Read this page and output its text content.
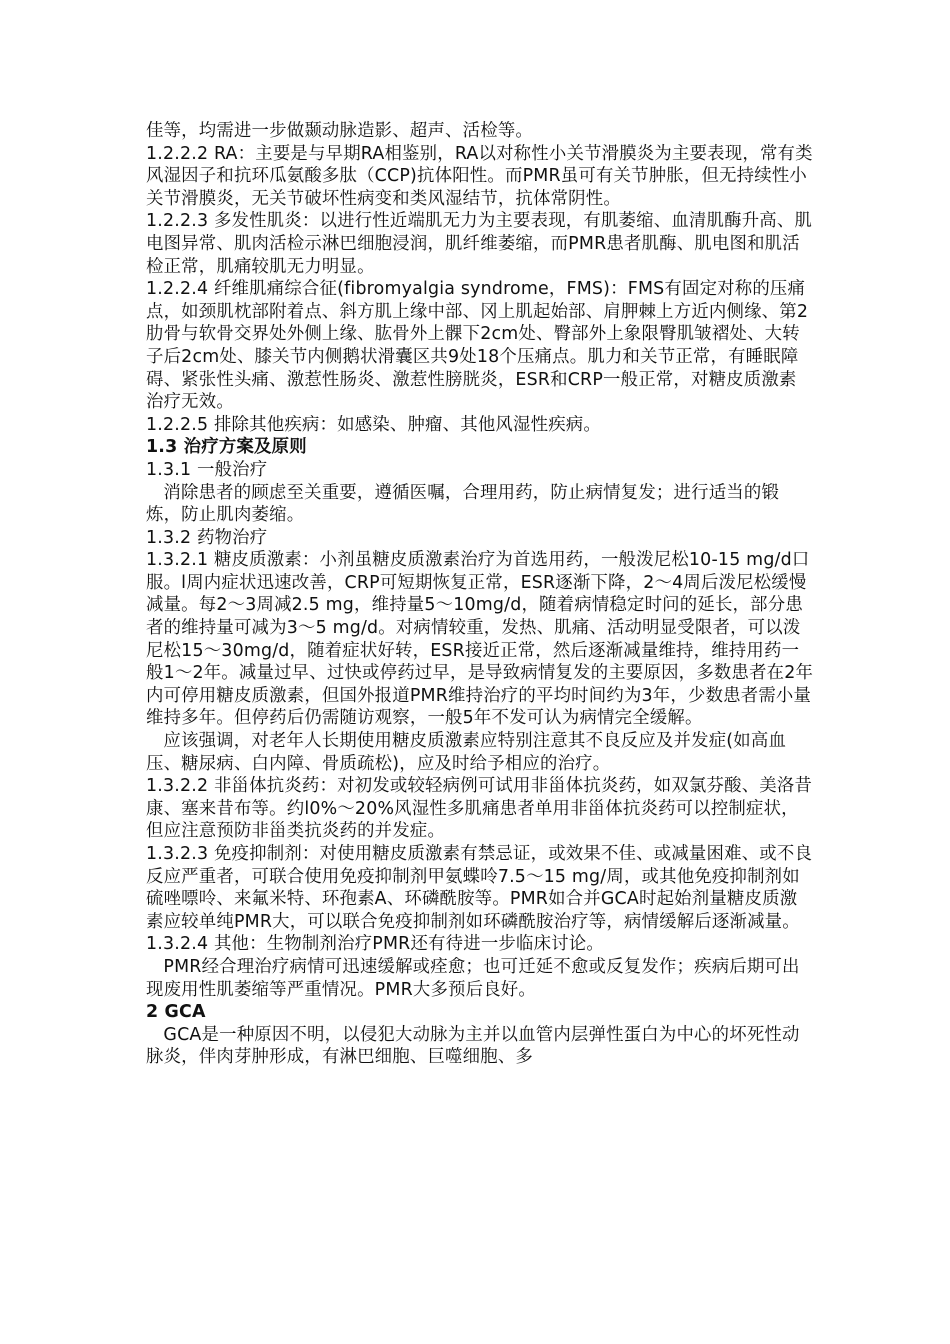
佳等，均需进一步做颞动脉造影、超声、活检等。

1.2.2.2 RA：主要是与早期RA相鉴别，RA以对称性小关节滑膜炎为主要表现，常有类风湿因子和抗环瓜氨酸多肽（CCP)抗体阳性。而PMR虽可有关节肿胀，但无持续性小关节滑膜炎，无关节破坏性病变和类风湿结节，抗体常阴性。

1.2.2.3 多发性肌炎：以进行性近端肌无力为主要表现，有肌萎缩、血清肌酶升高、肌电图异常、肌肉活检示淋巴细胞浸润，肌纤维萎缩，而PMR患者肌酶、肌电图和肌活检正常，肌痛较肌无力明显。

1.2.2.4 纤维肌痛综合征(fibromyalgia syndrome，FMS)：FMS有固定对称的压痛点，如颈肌枕部附着点、斜方肌上缘中部、冈上肌起始部、肩胛棘上方近内侧缘、第2肋骨与软骨交界处外侧上缘、肱骨外上髁下2cm处、臀部外上象限臀肌皱褶处、大转子后2cm处、膝关节内侧鹅状滑囊区共9处18个压痛点。肌力和关节正常，有睡眠障碍、紧张性头痛、激惹性肠炎、激惹性膀胱炎，ESR和CRP一般正常，对糖皮质激素治疗无效。

1.2.2.5 排除其他疾病：如感染、肿瘤、其他风湿性疾病。

1.3 治疗方案及原则

1.3.1 一般治疗

消除患者的顾虑至关重要，遵循医嘱，合理用药，防止病情复发；进行适当的锻炼，防止肌肉萎缩。

1.3.2 药物治疗

1.3.2.1 糖皮质激素：小剂虽糖皮质激素治疗为首选用药，一般泼尼松10-15 mg/d口服。l周内症状迅速改善，CRP可短期恢复正常，ESR逐渐下降，2～4周后泼尼松缓慢减量。每2～3周减2.5 mg，维持量5～10mg/d，随着病情稳定时问的延长，部分患者的维持量可减为3～5 mg/d。对病情较重，发热、肌痛、活动明显受限者，可以泼尼松15～30mg/d，随着症状好转，ESR接近正常，然后逐渐减量维持，维持用药一般1～2年。减量过早、过快或停药过早，是导致病情复发的主要原因，多数患者在2年内可停用糖皮质激素，但国外报道PMR维持治疗的平均时间约为3年，少数患者需小量维持多年。但停药后仍需随访观察，一般5年不发可认为病情完全缓解。

应该强调，对老年人长期使用糖皮质激素应特别注意其不良反应及并发症(如高血压、糖尿病、白内障、骨质疏松)，应及时给予相应的治疗。

1.3.2.2 非甾体抗炎药：对初发或较轻病例可试用非甾体抗炎药，如双氯芬酸、美洛昔康、塞来昔布等。约l0%～20%风湿性多肌痛患者单用非甾体抗炎药可以控制症状，但应注意预防非甾类抗炎药的并发症。

1.3.2.3 免疫抑制剂：对使用糖皮质激素有禁忌证，或效果不佳、或减量困难、或不良反应严重者，可联合使用免疫抑制剂甲氨蝶呤7.5～15 mg/周，或其他免疫抑制剂如硫唑嘌呤、来氟米特、环孢素A、环磷酰胺等。PMR如合并GCA时起始剂量糖皮质激素应较单纯PMR大，可以联合免疫抑制剂如环磷酰胺治疗等，病情缓解后逐渐减量。

1.3.2.4 其他：生物制剂治疗PMR还有待进一步临床讨论。

PMR经合理治疗病情可迅速缓解或痊愈；也可迁延不愈或反复发作；疾病后期可出现废用性肌萎缩等严重情况。PMR大多预后良好。

2 GCA

GCA是一种原因不明，以侵犯大动脉为主并以血管内层弹性蛋白为中心的坏死性动脉炎，伴肉芽肿形成，有淋巴细胞、巨噬细胞、多
